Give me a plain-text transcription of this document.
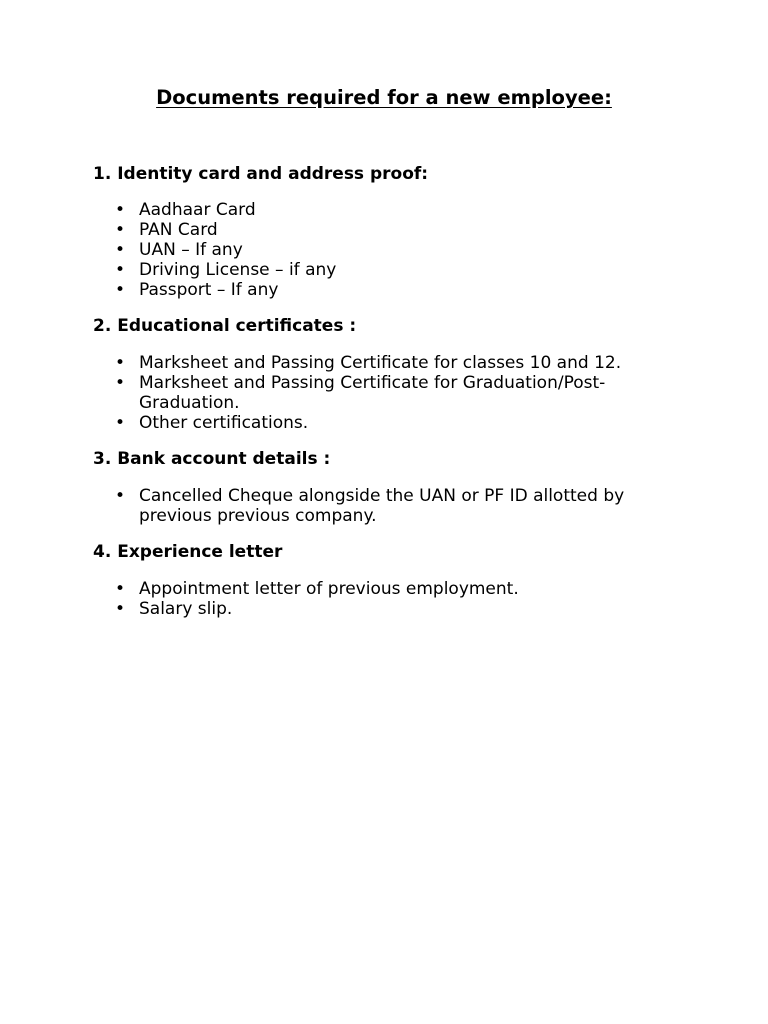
Documents required for a new employee:

1. Identity card and address proof:

• Aadhaar Card
• PAN Card
• UAN – If any
• Driving License – if any
• Passport – If any

2. Educational certificates :

• Marksheet and Passing Certificate for classes 10 and 12.
• Marksheet and Passing Certificate for Graduation/Post-
Graduation.
• Other certifications.

3. Bank account details :

• Cancelled Cheque alongside the UAN or PF ID allotted by
previous previous company.

4. Experience letter

• Appointment letter of previous employment.
• Salary slip.
